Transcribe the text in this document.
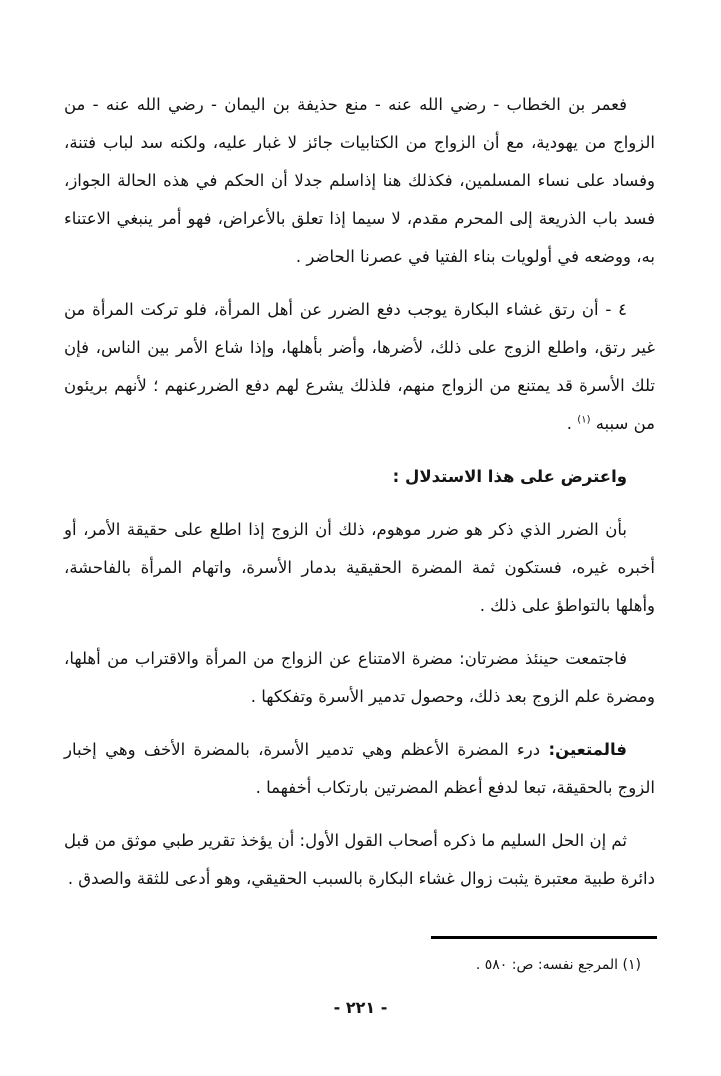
فعمر بن الخطاب - رضي الله عنه - منع حذيفة بن اليمان - رضي الله عنه - من الزواج من يهودية، مع أن الزواج من الكتابيات جائز لا غبار عليه، ولكنه سد لباب فتنة، وفساد على نساء المسلمين، فكذلك هنا إذاسلم جدلا أن الحكم في هذه الحالة الجواز، فسد باب الذريعة إلى المحرم مقدم، لا سيما إذا تعلق بالأعراض، فهو أمر ينبغي الاعتناء به، ووضعه في أولويات بناء الفتيا في عصرنا الحاضر .

٤ - أن رتق غشاء البكارة يوجب دفع الضرر عن أهل المرأة، فلو تركت المرأة من غير رتق، واطلع الزوج على ذلك، لأضرها، وأضر بأهلها، وإذا شاع الأمر بين الناس، فإن تلك الأسرة قد يمتنع من الزواج منهم، فلذلك يشرع لهم دفع الضررعنهم ؛ لأنهم بريئون من سببه $^{(١)}$ .

واعترض على هذا الاستدلال :

بأن الضرر الذي ذكر هو ضرر موهوم، ذلك أن الزوج إذا اطلع على حقيقة الأمر، أو أخبره غيره، فستكون ثمة المضرة الحقيقية بدمار الأسرة، واتهام المرأة بالفاحشة، وأهلها بالتواطؤ على ذلك .

فاجتمعت حينئذ مضرتان: مضرة الامتناع عن الزواج من المرأة والاقتراب من أهلها، ومضرة علم الزوج بعد ذلك، وحصول تدمير الأسرة وتفككها .

فالمتعين: درء المضرة الأعظم وهي تدمير الأسرة، بالمضرة الأخف وهي إخبار الزوج بالحقيقة، تبعا لدفع أعظم المضرتين بارتكاب أخفهما .

ثم إن الحل السليم ما ذكره أصحاب القول الأول: أن يؤخذ تقرير طبي موثق من قبل دائرة طبية معتبرة يثبت زوال غشاء البكارة بالسبب الحقيقي، وهو أدعى للثقة والصدق .

(١) المرجع نفسه: ص: ٥٨٠ .
- ٢٢١ -
